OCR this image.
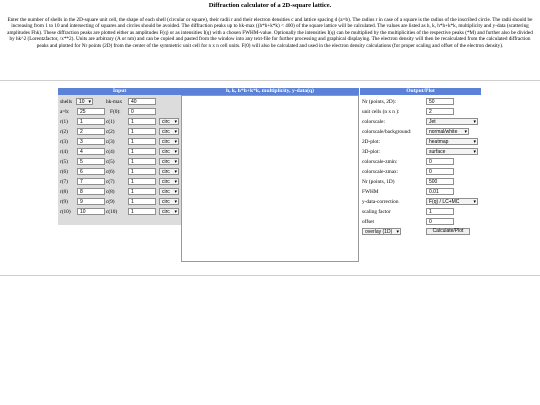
Diffraction calculator of a 2D-square lattice.
Enter the number of shells in the 2D-square unit cell, the shape of each shell (circular or square), their radii r and their electron densities c and lattice spacing d (a=b). The radius r in case of a square is the radius of the inscribed circle. The radii should be increasing from 1 to 10 and intersecting of squares and circles should be avoided. The diffraction peaks up to hk-max ((h*h+k*k) < 400) of the square lattice will be calculated. The values are listed as h, k, h*h+k*k, multiplicity and y-data (scattering amplitudes Fhk). These diffraction peaks are plotted either as amplitudes F(q) or as intensities I(q) with a chosen FWHM-value. Optionally the intensities I(q) can be multiplied by the multiplicities of the respective peaks (*M) and further also be divided by hk^2 (Lorentzfactor, /x**2). Units are arbitrary (A or nm) and can be copied and pasted from the window into any text-file for further processing and graphical displaying. The electron density will then be recalculated from the calculated diffraction peaks and plotted for Nr points (2D) from the center of the symmetric unit cell for n x n cell units. F(0) will also be calculated and used in the electron density calculations (for proper scaling and offset of the electron density).
Input	h, k, h*h+k*k, multiplicity, y-data(q)	Output/Plot
shells	10 ▾	hk-max	40
a=b:	25	F(0):	0
r(1)	1	c(1)	1	circ ▾
r(2)	2	c(2)	1	circ ▾
r(3)	3	c(3)	1	circ ▾
r(4)	4	c(4)	1	circ ▾
r(5)	5	c(5)	1	circ ▾
r(6)	6	c(6)	1	circ ▾
r(7)	7	c(7)	1	circ ▾
r(8)	8	c(8)	1	circ ▾
r(9)	9	c(9)	1	circ ▾
r(10)	10	c(10)	1	circ ▾
Nr (points, 2D):	50
unit cells (n x n ):	2
colorscale:	Jet	▾
colorscale/background:	normal/white ▾
2D-plot:	heatmap	▾
3D-plot:	surface	▾
colorscale-zmin:	0
colorscale-zmax:	0
Nr (points, 1D)	500
FWHM	0.01
y-data-correction	F(q) / LC+MC	▾
scaling factor	1
offset	0
overlay (1D) ▾	Calculate/Plot
